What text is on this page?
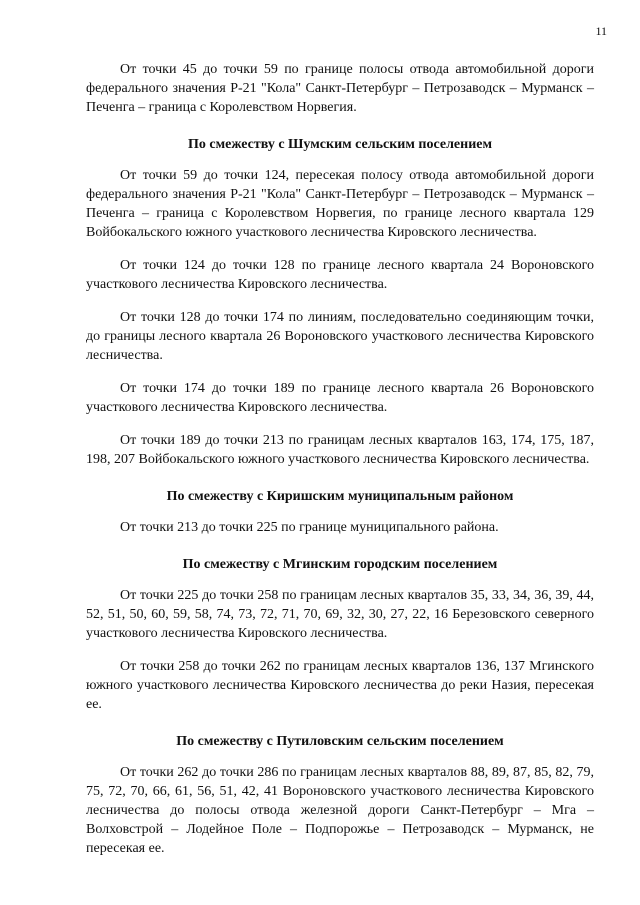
11

От точки 45 до точки 59 по границе полосы отвода автомобильной дороги федерального значения Р-21 "Кола" Санкт-Петербург – Петрозаводск – Мурманск – Печенга – граница с Королевством Норвегия.

По смежеству с Шумским сельским поселением

От точки 59 до точки 124, пересекая полосу отвода автомобильной дороги федерального значения Р-21 "Кола" Санкт-Петербург – Петрозаводск – Мурманск – Печенга – граница с Королевством Норвегия, по границе лесного квартала 129 Войбокальского южного участкового лесничества Кировского лесничества.

От точки 124 до точки 128 по границе лесного квартала 24 Вороновского участкового лесничества Кировского лесничества.

От точки 128 до точки 174 по линиям, последовательно соединяющим точки, до границы лесного квартала 26 Вороновского участкового лесничества Кировского лесничества.

От точки 174 до точки 189 по границе лесного квартала 26 Вороновского участкового лесничества Кировского лесничества.

От точки 189 до точки 213 по границам лесных кварталов 163, 174, 175, 187, 198, 207 Войбокальского южного участкового лесничества Кировского лесничества.

По смежеству с Киришским муниципальным районом

От точки 213 до точки 225 по границе муниципального района.

По смежеству с Мгинским городским поселением

От точки 225 до точки 258 по границам лесных кварталов 35, 33, 34, 36, 39, 44, 52, 51, 50, 60, 59, 58, 74, 73, 72, 71, 70, 69, 32, 30, 27, 22, 16 Березовского северного участкового лесничества Кировского лесничества.

От точки 258 до точки 262 по границам лесных кварталов 136, 137 Мгинского южного участкового лесничества Кировского лесничества до реки Назия, пересекая ее.

По смежеству с Путиловским сельским поселением

От точки 262 до точки 286 по границам лесных кварталов 88, 89, 87, 85, 82, 79, 75, 72, 70, 66, 61, 56, 51, 42, 41 Вороновского участкового лесничества Кировского лесничества до полосы отвода железной дороги Санкт-Петербург – Мга – Волховстрой – Лодейное Поле – Подпорожье – Петрозаводск – Мурманск, не пересекая ее.
